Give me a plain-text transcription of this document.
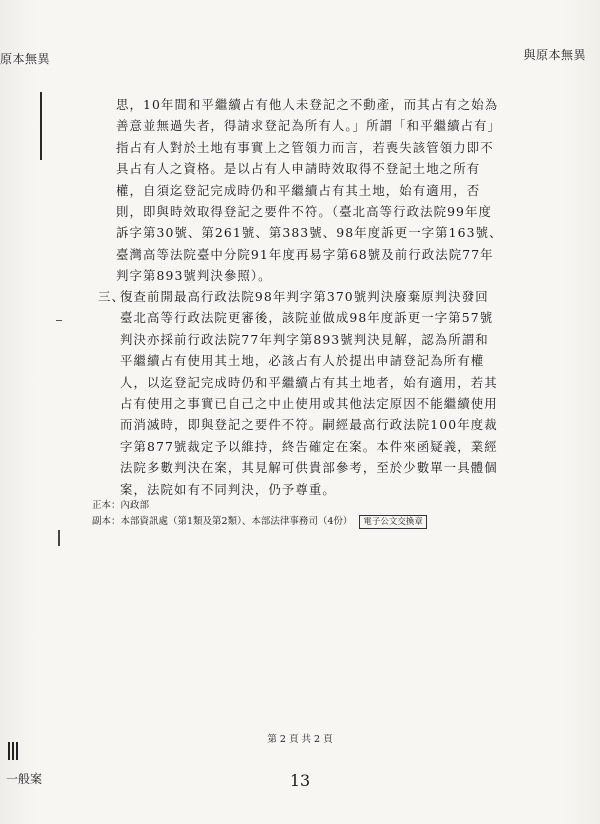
原本無異	與原本無異

思，10年間和平繼續占有他人未登記之不動產，而其占有之始為善意並無過失者，得請求登記為所有人。」所謂「和平繼續占有」指占有人對於土地有事實上之管領力而言，若喪失該管領力即不具占有人之資格。是以占有人申請時效取得不登記土地之所有權，自須迄登記完成時仍和平繼續占有其土地，始有適用，否則，即與時效取得登記之要件不符。（臺北高等行政法院99年度訴字第30號、第261號、第383號、98年度訴更一字第163號、臺灣高等法院臺中分院91年度再易字第68號及前行政法院77年判字第893號判決參照）。

三、
復查前開最高行政法院98年判字第370號判決廢棄原判決發回臺北高等行政法院更審後，該院並做成98年度訴更一字第57號判決亦採前行政法院77年判字第893號判決見解，認為所謂和平繼續占有使用其土地，必該占有人於提出申請登記為所有權人，以迄登記完成時仍和平繼續占有其土地者，始有適用，若其占有使用之事實已自己之中止使用或其他法定原因不能繼續使用而消滅時，即與登記之要件不符。嗣經最高行政法院100年度裁字第877號裁定予以維持，終告確定在案。本件來函疑義，業經法院多數判決在案，其見解可供貴部參考，至於少數單一具體個案，法院如有不同判決，仍予尊重。
正本：內政部
副本：本部資訊處（第1類及第2類）、本部法律事務司（4份） 電子公文交換章
第 2 頁 共 2 頁
一般案	13
